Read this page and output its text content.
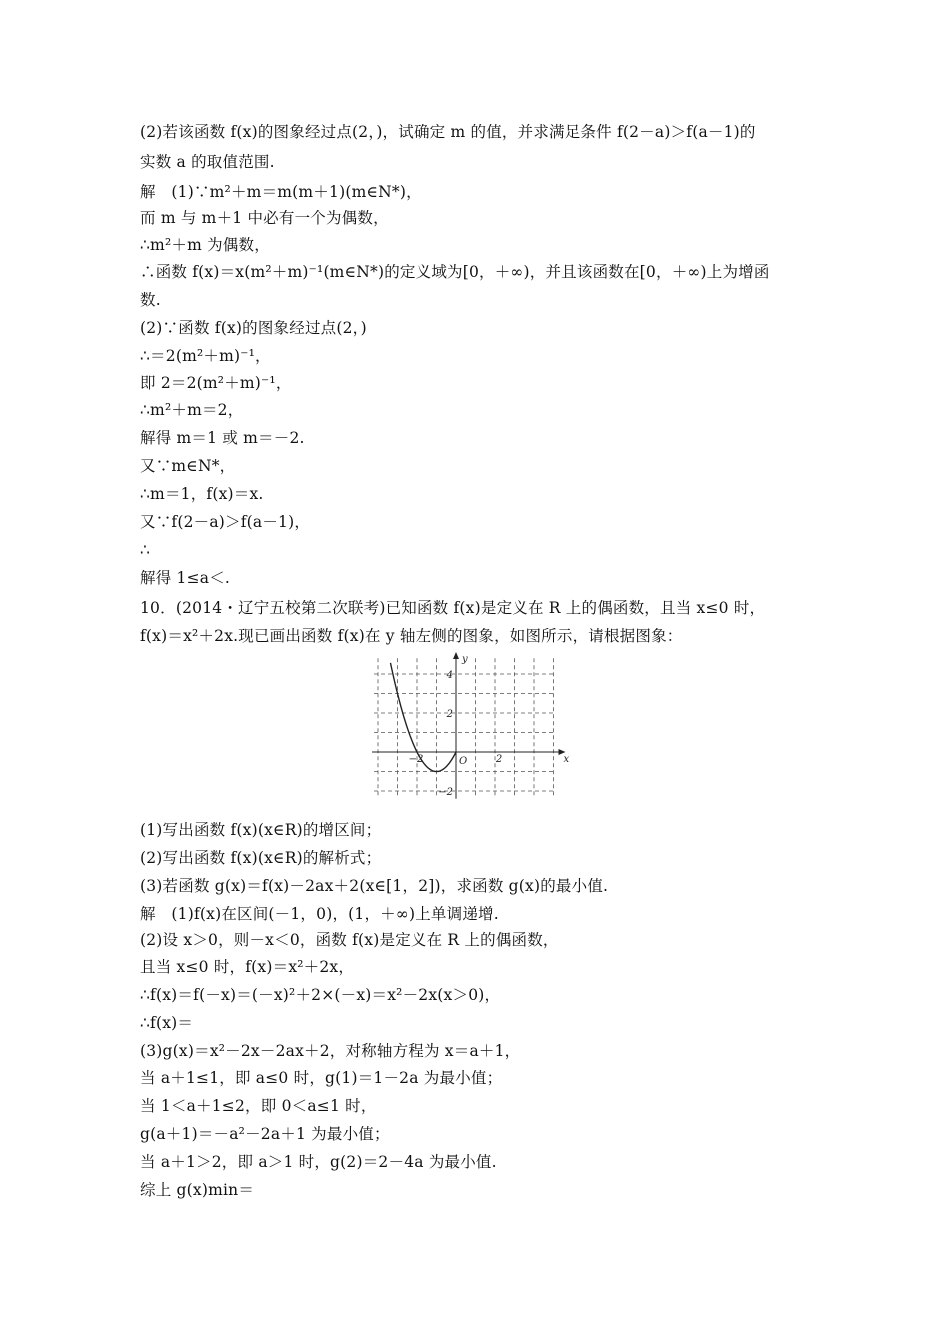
(2)若该函数 f(x)的图象经过点(2，)，试确定 m 的值，并求满足条件 f(2－a)＞f(a－1)的
实数 a 的取值范围.
解　(1)∵m²＋m＝m(m＋1)(m∈N*)，
而 m 与 m＋1 中必有一个为偶数，
∴m²＋m 为偶数，
∴函数 f(x)＝x(m²＋m)⁻¹(m∈N*)的定义域为[0，＋∞)，并且该函数在[0，＋∞)上为增函
数.
(2)∵函数 f(x)的图象经过点(2，)
∴＝2(m²＋m)⁻¹，
即 2＝2(m²＋m)⁻¹，
∴m²＋m＝2，
解得 m＝1 或 m＝－2.
又∵m∈N*，
∴m＝1，f(x)＝x.
又∵f(2－a)＞f(a－1)，
∴
解得 1≤a＜.
10．(2014・辽宁五校第二次联考)已知函数 f(x)是定义在 R 上的偶函数，且当 x≤0 时，
f(x)＝x²＋2x.现已画出函数 f(x)在 y 轴左侧的图象，如图所示，请根据图象：
y
x
O
4
2
−2
−2	2
(1)写出函数 f(x)(x∈R)的增区间；
(2)写出函数 f(x)(x∈R)的解析式；
(3)若函数 g(x)＝f(x)－2ax＋2(x∈[1，2])，求函数 g(x)的最小值.
解　(1)f(x)在区间(－1，0)，(1，＋∞)上单调递增.
(2)设 x＞0，则－x＜0，函数 f(x)是定义在 R 上的偶函数，
且当 x≤0 时，f(x)＝x²＋2x，
∴f(x)＝f(－x)＝(－x)²＋2×(－x)＝x²－2x(x＞0)，
∴f(x)＝
(3)g(x)＝x²－2x－2ax＋2，对称轴方程为 x＝a＋1，
当 a＋1≤1，即 a≤0 时，g(1)＝1－2a 为最小值；
当 1＜a＋1≤2，即 0＜a≤1 时，
g(a＋1)＝－a²－2a＋1 为最小值；
当 a＋1＞2，即 a＞1 时，g(2)＝2－4a 为最小值.
综上 g(x)min＝
